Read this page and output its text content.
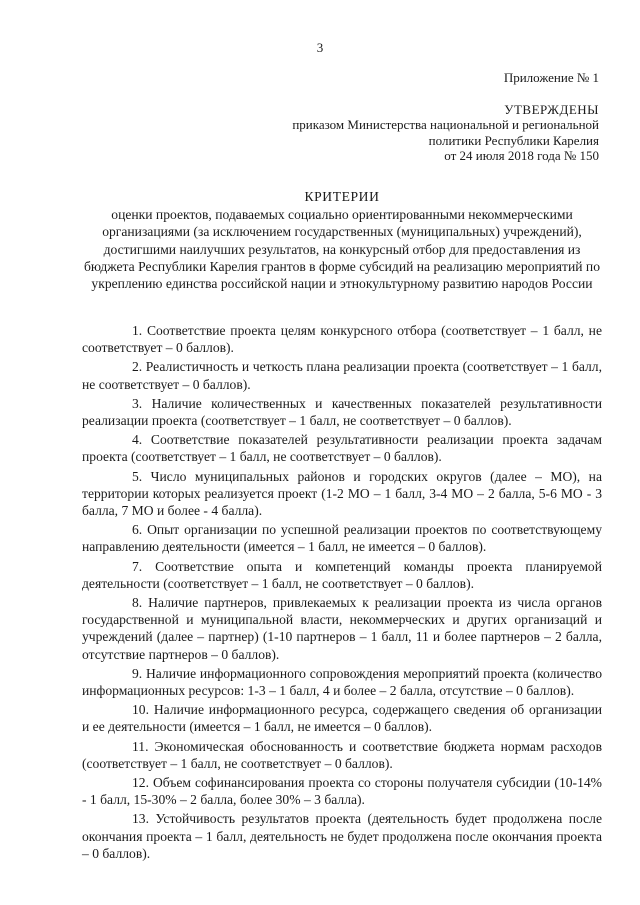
3
Приложение № 1
УТВЕРЖДЕНЫ
приказом Министерства национальной и региональной
политики Республики Карелия
от 24 июля 2018 года № 150
КРИТЕРИИ
оценки проектов, подаваемых социально ориентированными некоммерческими организациями (за исключением государственных (муниципальных) учреждений), достигшими наилучших результатов, на конкурсный отбор для предоставления из бюджета Республики Карелия грантов в форме субсидий на реализацию мероприятий по укреплению единства российской нации и этнокультурному развитию народов России

1. Соответствие проекта целям конкурсного отбора (соответствует – 1 балл, не соответствует – 0 баллов).

2. Реалистичность и четкость плана реализации проекта (соответствует – 1 балл, не соответствует – 0 баллов).

3. Наличие количественных и качественных показателей результативности реализации проекта (соответствует – 1 балл, не соответствует – 0 баллов).

4. Соответствие показателей результативности реализации проекта задачам проекта (соответствует – 1 балл, не соответствует – 0 баллов).

5. Число муниципальных районов и городских округов (далее – МО), на территории которых реализуется проект (1-2 МО – 1 балл, 3-4 МО – 2 балла, 5-6 МО - 3 балла, 7 МО и более - 4 балла).

6. Опыт организации по успешной реализации проектов по соответствующему направлению деятельности (имеется – 1 балл, не имеется – 0 баллов).

7. Соответствие опыта и компетенций команды проекта планируемой деятельности (соответствует – 1 балл, не соответствует – 0 баллов).

8. Наличие партнеров, привлекаемых к реализации проекта из числа органов государственной и муниципальной власти, некоммерческих и других организаций и учреждений (далее – партнер) (1-10 партнеров – 1 балл, 11 и более партнеров – 2 балла, отсутствие партнеров – 0 баллов).

9. Наличие информационного сопровождения мероприятий проекта (количество информационных ресурсов: 1-3 – 1 балл, 4 и более – 2 балла, отсутствие – 0 баллов).

10. Наличие информационного ресурса, содержащего сведения об организации и ее деятельности (имеется – 1 балл, не имеется – 0 баллов).

11. Экономическая обоснованность и соответствие бюджета нормам расходов (соответствует – 1 балл, не соответствует – 0 баллов).

12. Объем софинансирования проекта со стороны получателя субсидии (10-14% - 1 балл, 15-30% – 2 балла, более 30% – 3 балла).

13. Устойчивость результатов проекта (деятельность будет продолжена после окончания проекта – 1 балл, деятельность не будет продолжена после окончания проекта – 0 баллов).
